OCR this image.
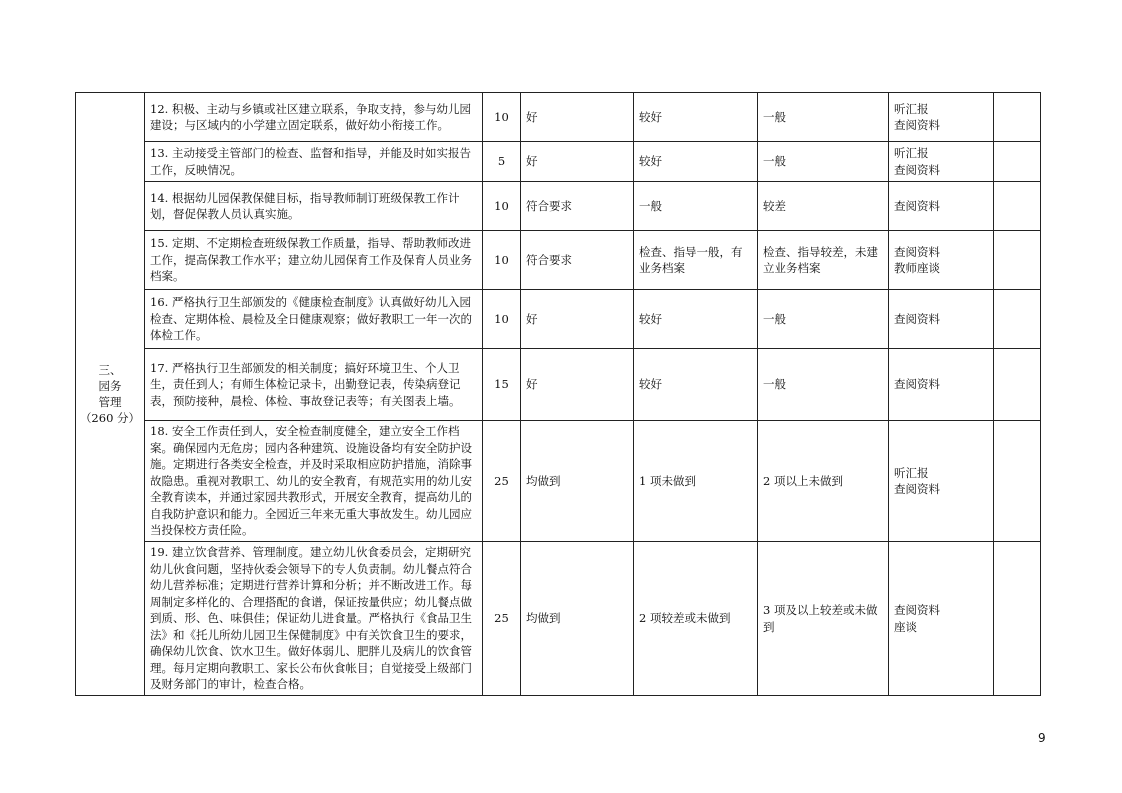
三、
园务
管理
（260 分）	12. 积极、主动与乡镇或社区建立联系，争取支持，参与幼儿园建设；与区域内的小学建立固定联系，做好幼小衔接工作。	10	好	较好	一般	听汇报
查阅资料	

	13. 主动接受主管部门的检查、监督和指导，并能及时如实报告工作，反映情况。	5	好	较好	一般	听汇报
查阅资料	

	14. 根据幼儿园保教保健目标，指导教师制订班级保教工作计划，督促保教人员认真实施。	10	符合要求	一般	较差	查阅资料	

	15. 定期、不定期检查班级保教工作质量，指导、帮助教师改进工作，提高保教工作水平；建立幼儿园保育工作及保育人员业务档案。	10	符合要求	检查、指导一般，有业务档案	检查、指导较差，未建立业务档案	查阅资料
教师座谈	

	16. 严格执行卫生部颁发的《健康检查制度》认真做好幼儿入园检查、定期体检、晨检及全日健康观察；做好教职工一年一次的体检工作。	10	好	较好	一般	查阅资料	

	17. 严格执行卫生部颁发的相关制度；搞好环境卫生、个人卫生，责任到人；有师生体检记录卡，出勤登记表，传染病登记表，预防接种，晨检、体检、事故登记表等；有关图表上墙。	15	好	较好	一般	查阅资料	

	18. 安全工作责任到人，安全检查制度健全，建立安全工作档案。确保园内无危房；园内各种建筑、设施设备均有安全防护设施。定期进行各类安全检查，并及时采取相应防护措施，消除事故隐患。重视对教职工、幼儿的安全教育，有规范实用的幼儿安全教育读本，并通过家园共教形式，开展安全教育，提高幼儿的自我防护意识和能力。全园近三年来无重大事故发生。幼儿园应当投保校方责任险。	25	均做到	1 项未做到	2 项以上未做到	听汇报
查阅资料	

	19. 建立饮食营养、管理制度。建立幼儿伙食委员会，定期研究幼儿伙食问题，坚持伙委会领导下的专人负责制。幼儿餐点符合幼儿营养标准；定期进行营养计算和分析；并不断改进工作。每周制定多样化的、合理搭配的食谱，保证按量供应；幼儿餐点做到质、形、色、味俱佳；保证幼儿进食量。严格执行《食品卫生法》和《托儿所幼儿园卫生保健制度》中有关饮食卫生的要求，确保幼儿饮食、饮水卫生。做好体弱儿、肥胖儿及病儿的饮食管理。每月定期向教职工、家长公布伙食帐目；自觉接受上级部门及财务部门的审计，检查合格。	25	均做到	2 项较差或未做到	3 项及以上较差或未做到	查阅资料
座谈	

9
